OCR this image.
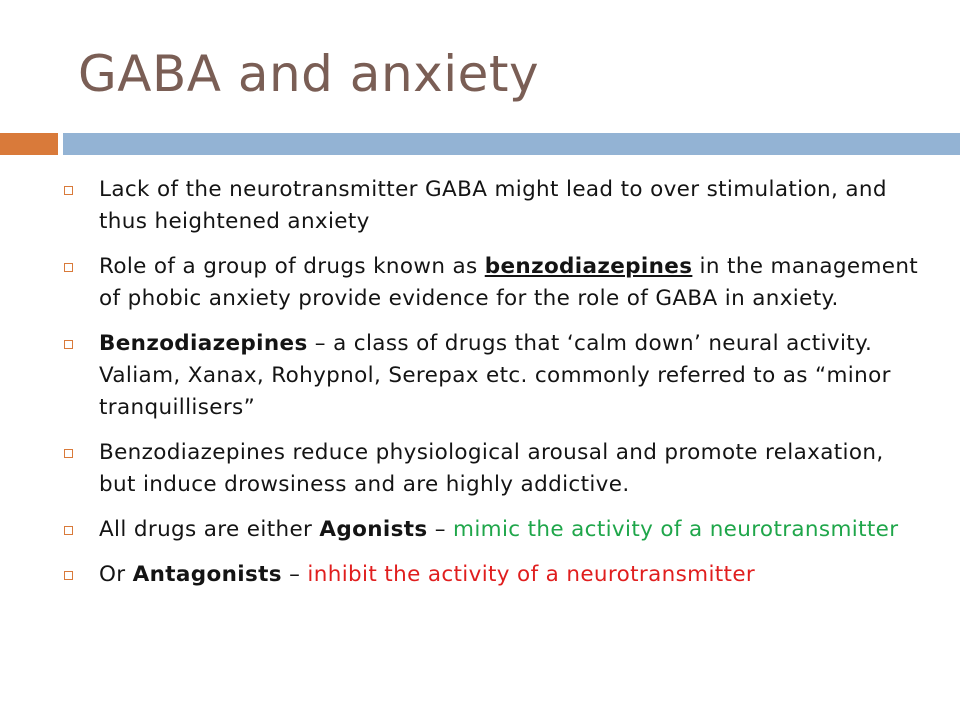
GABA and anxiety
Lack of the neurotransmitter GABA might lead to over stimulation, and thus heightened anxiety
Role of a group of drugs known as benzodiazepines in the management of phobic anxiety provide evidence for the role of GABA in anxiety.
Benzodiazepines – a class of drugs that ‘calm down’ neural activity. Valiam, Xanax, Rohypnol, Serepax etc. commonly referred to as “minor tranquillisers”
Benzodiazepines reduce physiological arousal and promote relaxation, but induce drowsiness and are highly addictive.
All drugs are either Agonists – mimic the activity of a neurotransmitter
Or Antagonists – inhibit the activity of a neurotransmitter
